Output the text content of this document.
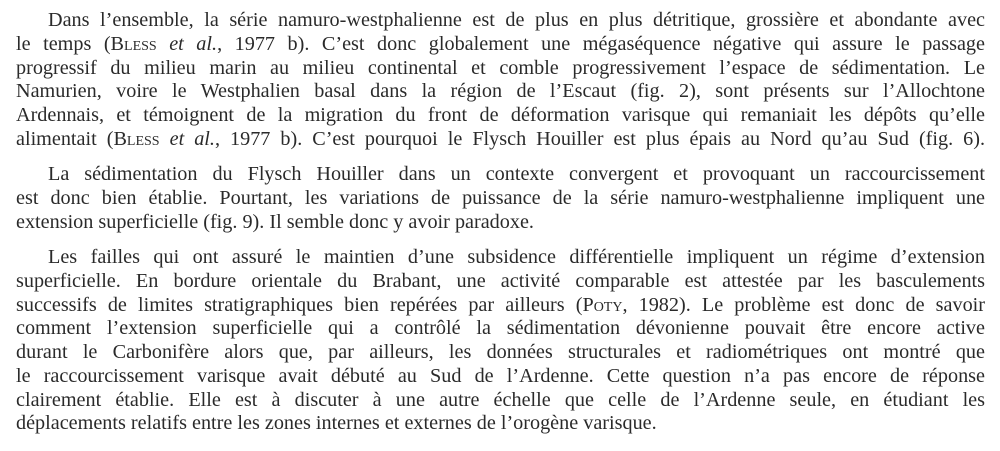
Dans l’ensemble, la série namuro-westphalienne est de plus en plus détritique, grossière et abondante avec
le temps (Bless et al., 1977 b). C’est donc globalement une mégaséquence négative qui assure le passage
progressif du milieu marin au milieu continental et comble progressivement l’espace de sédimentation. Le
Namurien, voire le Westphalien basal dans la région de l’Escaut (fig. 2), sont présents sur l’Allochtone
Ardennais, et témoignent de la migration du front de déformation varisque qui remaniait les dépôts qu’elle
alimentait (Bless et al., 1977 b). C’est pourquoi le Flysch Houiller est plus épais au Nord qu’au Sud (fig. 6).
La sédimentation du Flysch Houiller dans un contexte convergent et provoquant un raccourcissement
est donc bien établie. Pourtant, les variations de puissance de la série namuro-westphalienne impliquent une
extension superficielle (fig. 9). Il semble donc y avoir paradoxe.
Les failles qui ont assuré le maintien d’une subsidence différentielle impliquent un régime d’extension
superficielle. En bordure orientale du Brabant, une activité comparable est attestée par les basculements
successifs de limites stratigraphiques bien repérées par ailleurs (Poty, 1982). Le problème est donc de savoir
comment l’extension superficielle qui a contrôlé la sédimentation dévonienne pouvait être encore active
durant le Carbonifère alors que, par ailleurs, les données structurales et radiométriques ont montré que
le raccourcissement varisque avait débuté au Sud de l’Ardenne. Cette question n’a pas encore de réponse
clairement établie. Elle est à discuter à une autre échelle que celle de l’Ardenne seule, en étudiant les
déplacements relatifs entre les zones internes et externes de l’orogène varisque.
